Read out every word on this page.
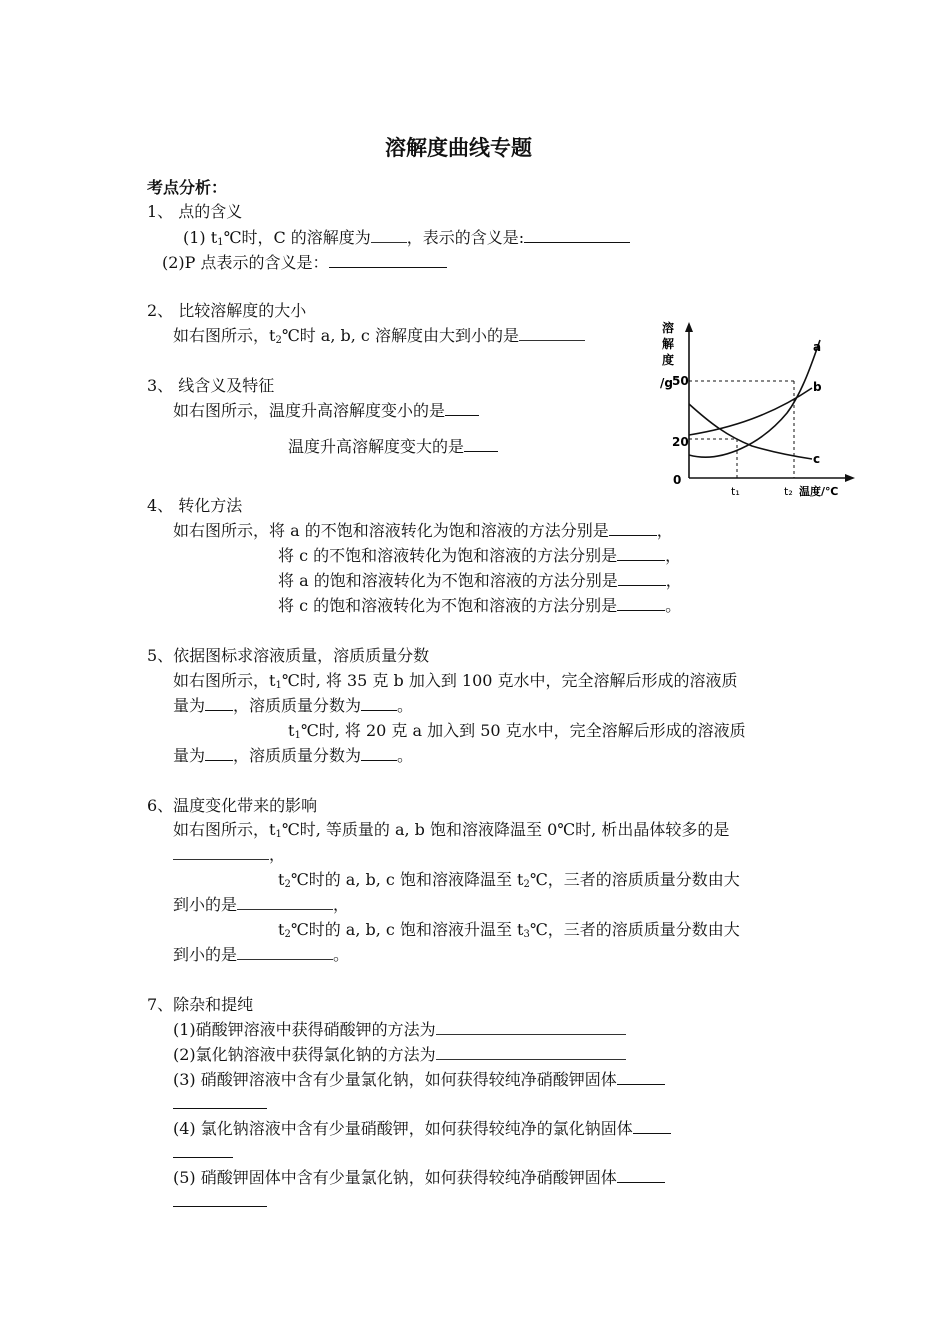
溶解度曲线专题
考点分析：
1、 点的含义
(1) $t_1℃$时，C 的溶解度为 ，表示的含义是:
(2)P 点表示的含义是：
2、 比较溶解度的大小
如右图所示，$t_2℃$时 a, b, c 溶解度由大到小的是
3、 线含义及特征
如右图所示，温度升高溶解度变小的是
温度升高溶解度变大的是
溶
解
度
/g 50
20
0
t₁	t₂ 温度/℃
a
b
c
4、 转化方法
如右图所示，将 a 的不饱和溶液转化为饱和溶液的方法分别是	，
将 c 的不饱和溶液转化为饱和溶液的方法分别是	，
将 a 的饱和溶液转化为不饱和溶液的方法分别是	，
将 c 的饱和溶液转化为不饱和溶液的方法分别是	。
5、依据图标求溶液质量，溶质质量分数
如右图所示，$t_1℃$时, 将 35 克 b 加入到 100 克水中，完全溶解后形成的溶液质
量为 ，溶质质量分数为 。
$t_1℃$时, 将 20 克 a 加入到 50 克水中，完全溶解后形成的溶液质
量为 ，溶质质量分数为 。
6、温度变化带来的影响
如右图所示，$t_1℃$时, 等质量的 a, b 饱和溶液降温至 0℃时, 析出晶体较多的是
，
$t_2℃$时的 a, b, c 饱和溶液降温至 $t_2℃$，三者的溶质质量分数由大
到小的是	，
$t_2℃$时的 a, b, c 饱和溶液升温至 $t_3℃$，三者的溶质质量分数由大
到小的是	。
7、除杂和提纯
(1)硝酸钾溶液中获得硝酸钾的方法为
(2)氯化钠溶液中获得氯化钠的方法为
(3) 硝酸钾溶液中含有少量氯化钠，如何获得较纯净硝酸钾固体
(4) 氯化钠溶液中含有少量硝酸钾，如何获得较纯净的氯化钠固体
(5) 硝酸钾固体中含有少量氯化钠，如何获得较纯净硝酸钾固体
